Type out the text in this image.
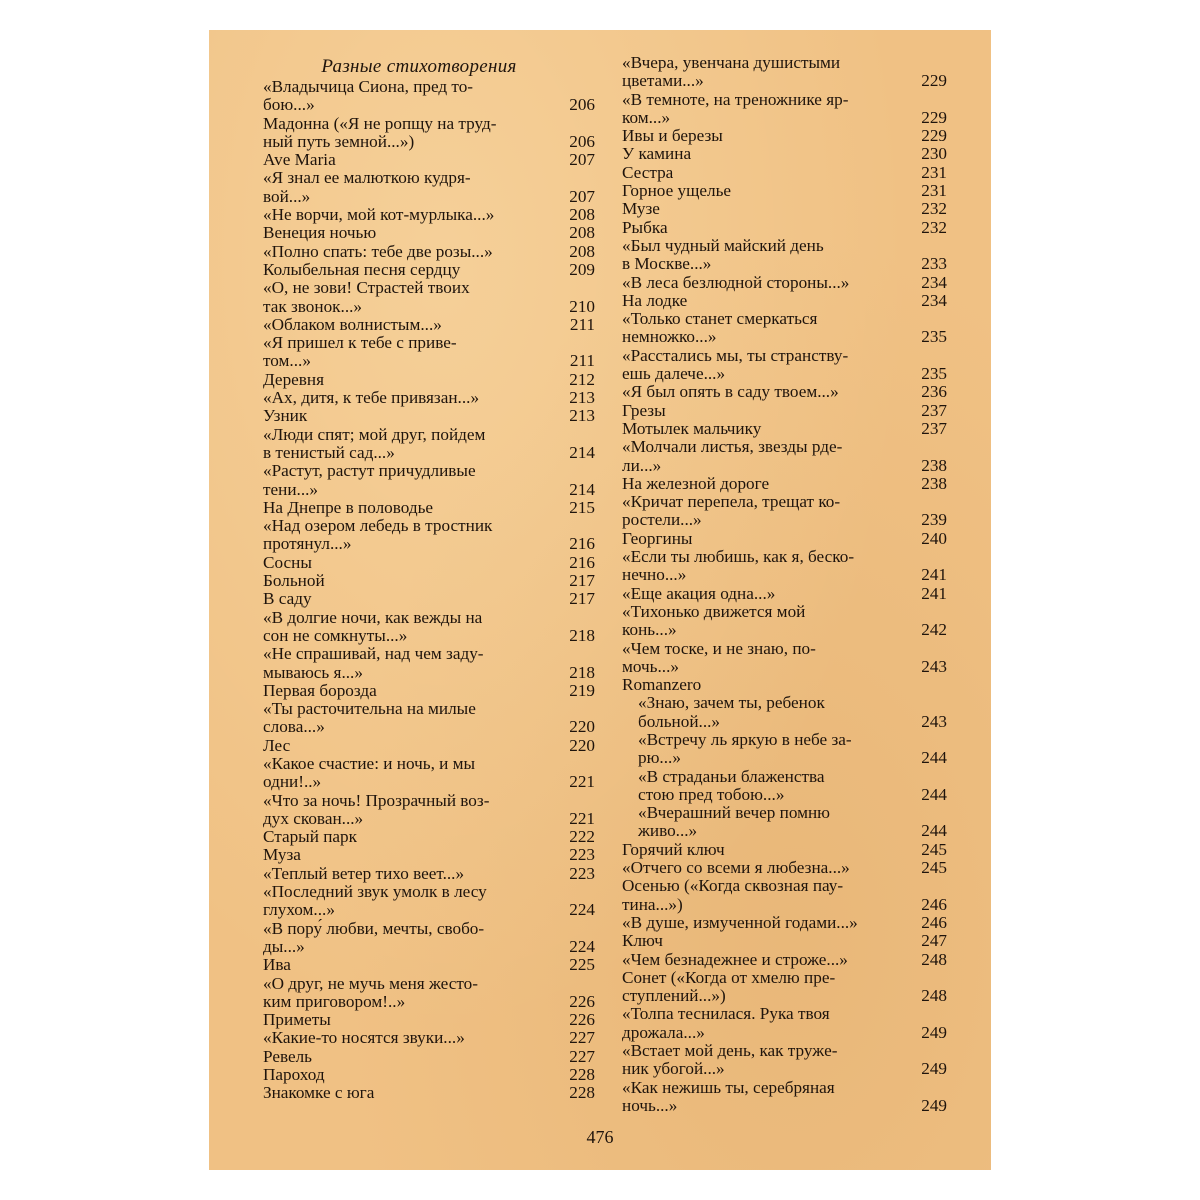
Разные стихотворения
«Владычица Сиона, пред то-
бою...»	206
Мадонна («Я не ропщу на труд-
ный путь земной...»)	206
Ave Maria	207
«Я знал ее малюткою кудря-
вой...»	207
«Не ворчи, мой кот-мурлыка...»	208
Венеция ночью	208
«Полно спать: тебе две розы...»	208
Колыбельная песня сердцу	209
«О, не зови! Страстей твоих
так звонок...»	210
«Облаком волнистым...»	211
«Я пришел к тебе с приве-
том...»	211
Деревня	212
«Ах, дитя, к тебе привязан...»	213
Узник	213
«Люди спят; мой друг, пойдем
в тенистый сад...»	214
«Растут, растут причудливые
тени...»	214
На Днепре в половодье	215
«Над озером лебедь в тростник
протянул...»	216
Сосны	216
Больной	217
В саду	217
«В долгие ночи, как вежды на
сон не сомкнуты...»	218
«Не спрашивай, над чем заду-
мываюсь я...»	218
Первая борозда	219
«Ты расточительна на милые
слова...»	220
Лес	220
«Какое счастие: и ночь, и мы
одни!..»	221
«Что за ночь! Прозрачный воз-
дух скован...»	221
Старый парк	222
Муза	223
«Теплый ветер тихо веет...»	223
«Последний звук умолк в лесу
глухом...»	224
«В пору́ любви, мечты, свобо-
ды...»	224
Ива	225
«О друг, не мучь меня жесто-
ким приговором!..»	226
Приметы	226
«Какие-то носятся звуки...»	227
Ревель	227
Пароход	228
Знакомке с юга	228
«Вчера, увенчана душистыми
цветами...»	229
«В темноте, на треножнике яр-
ком...»	229
Ивы и березы	229
У камина	230
Сестра	231
Горное ущелье	231
Музе	232
Рыбка	232
«Был чудный майский день
в Москве...»	233
«В леса безлюдной стороны...»	234
На лодке	234
«Только станет смеркаться
немножко...»	235
«Расстались мы, ты странству-
ешь далече...»	235
«Я был опять в саду твоем...»	236
Грезы	237
Мотылек мальчику	237
«Молчали листья, звезды рде-
ли...»	238
На железной дороге	238
«Кричат перепела, трещат ко-
ростели...»	239
Георгины	240
«Если ты любишь, как я, беско-
нечно...»	241
«Еще акация одна...»	241
«Тихонько движется мой
конь...»	242
«Чем тоске, и не знаю, по-
мочь...»	243
Romanzero
«Знаю, зачем ты, ребенок
больной...»	243
«Встречу ль яркую в небе за-
рю...»	244
«В страданьи блаженства
стою пред тобою...»	244
«Вчерашний вечер помню
живо...»	244
Горячий ключ	245
«Отчего со всеми я любезна...»	245
Осенью («Когда сквозная пау-
тина...»)	246
«В душе, измученной годами...»	246
Ключ	247
«Чем безнадежнее и строже...»	248
Сонет («Когда от хмелю пре-
ступлений...»)	248
«Толпа теснилася. Рука твоя
дрожала...»	249
«Встает мой день, как тружe-
ник убогой...»	249
«Как нежишь ты, серебряная
ночь...»	249
476
